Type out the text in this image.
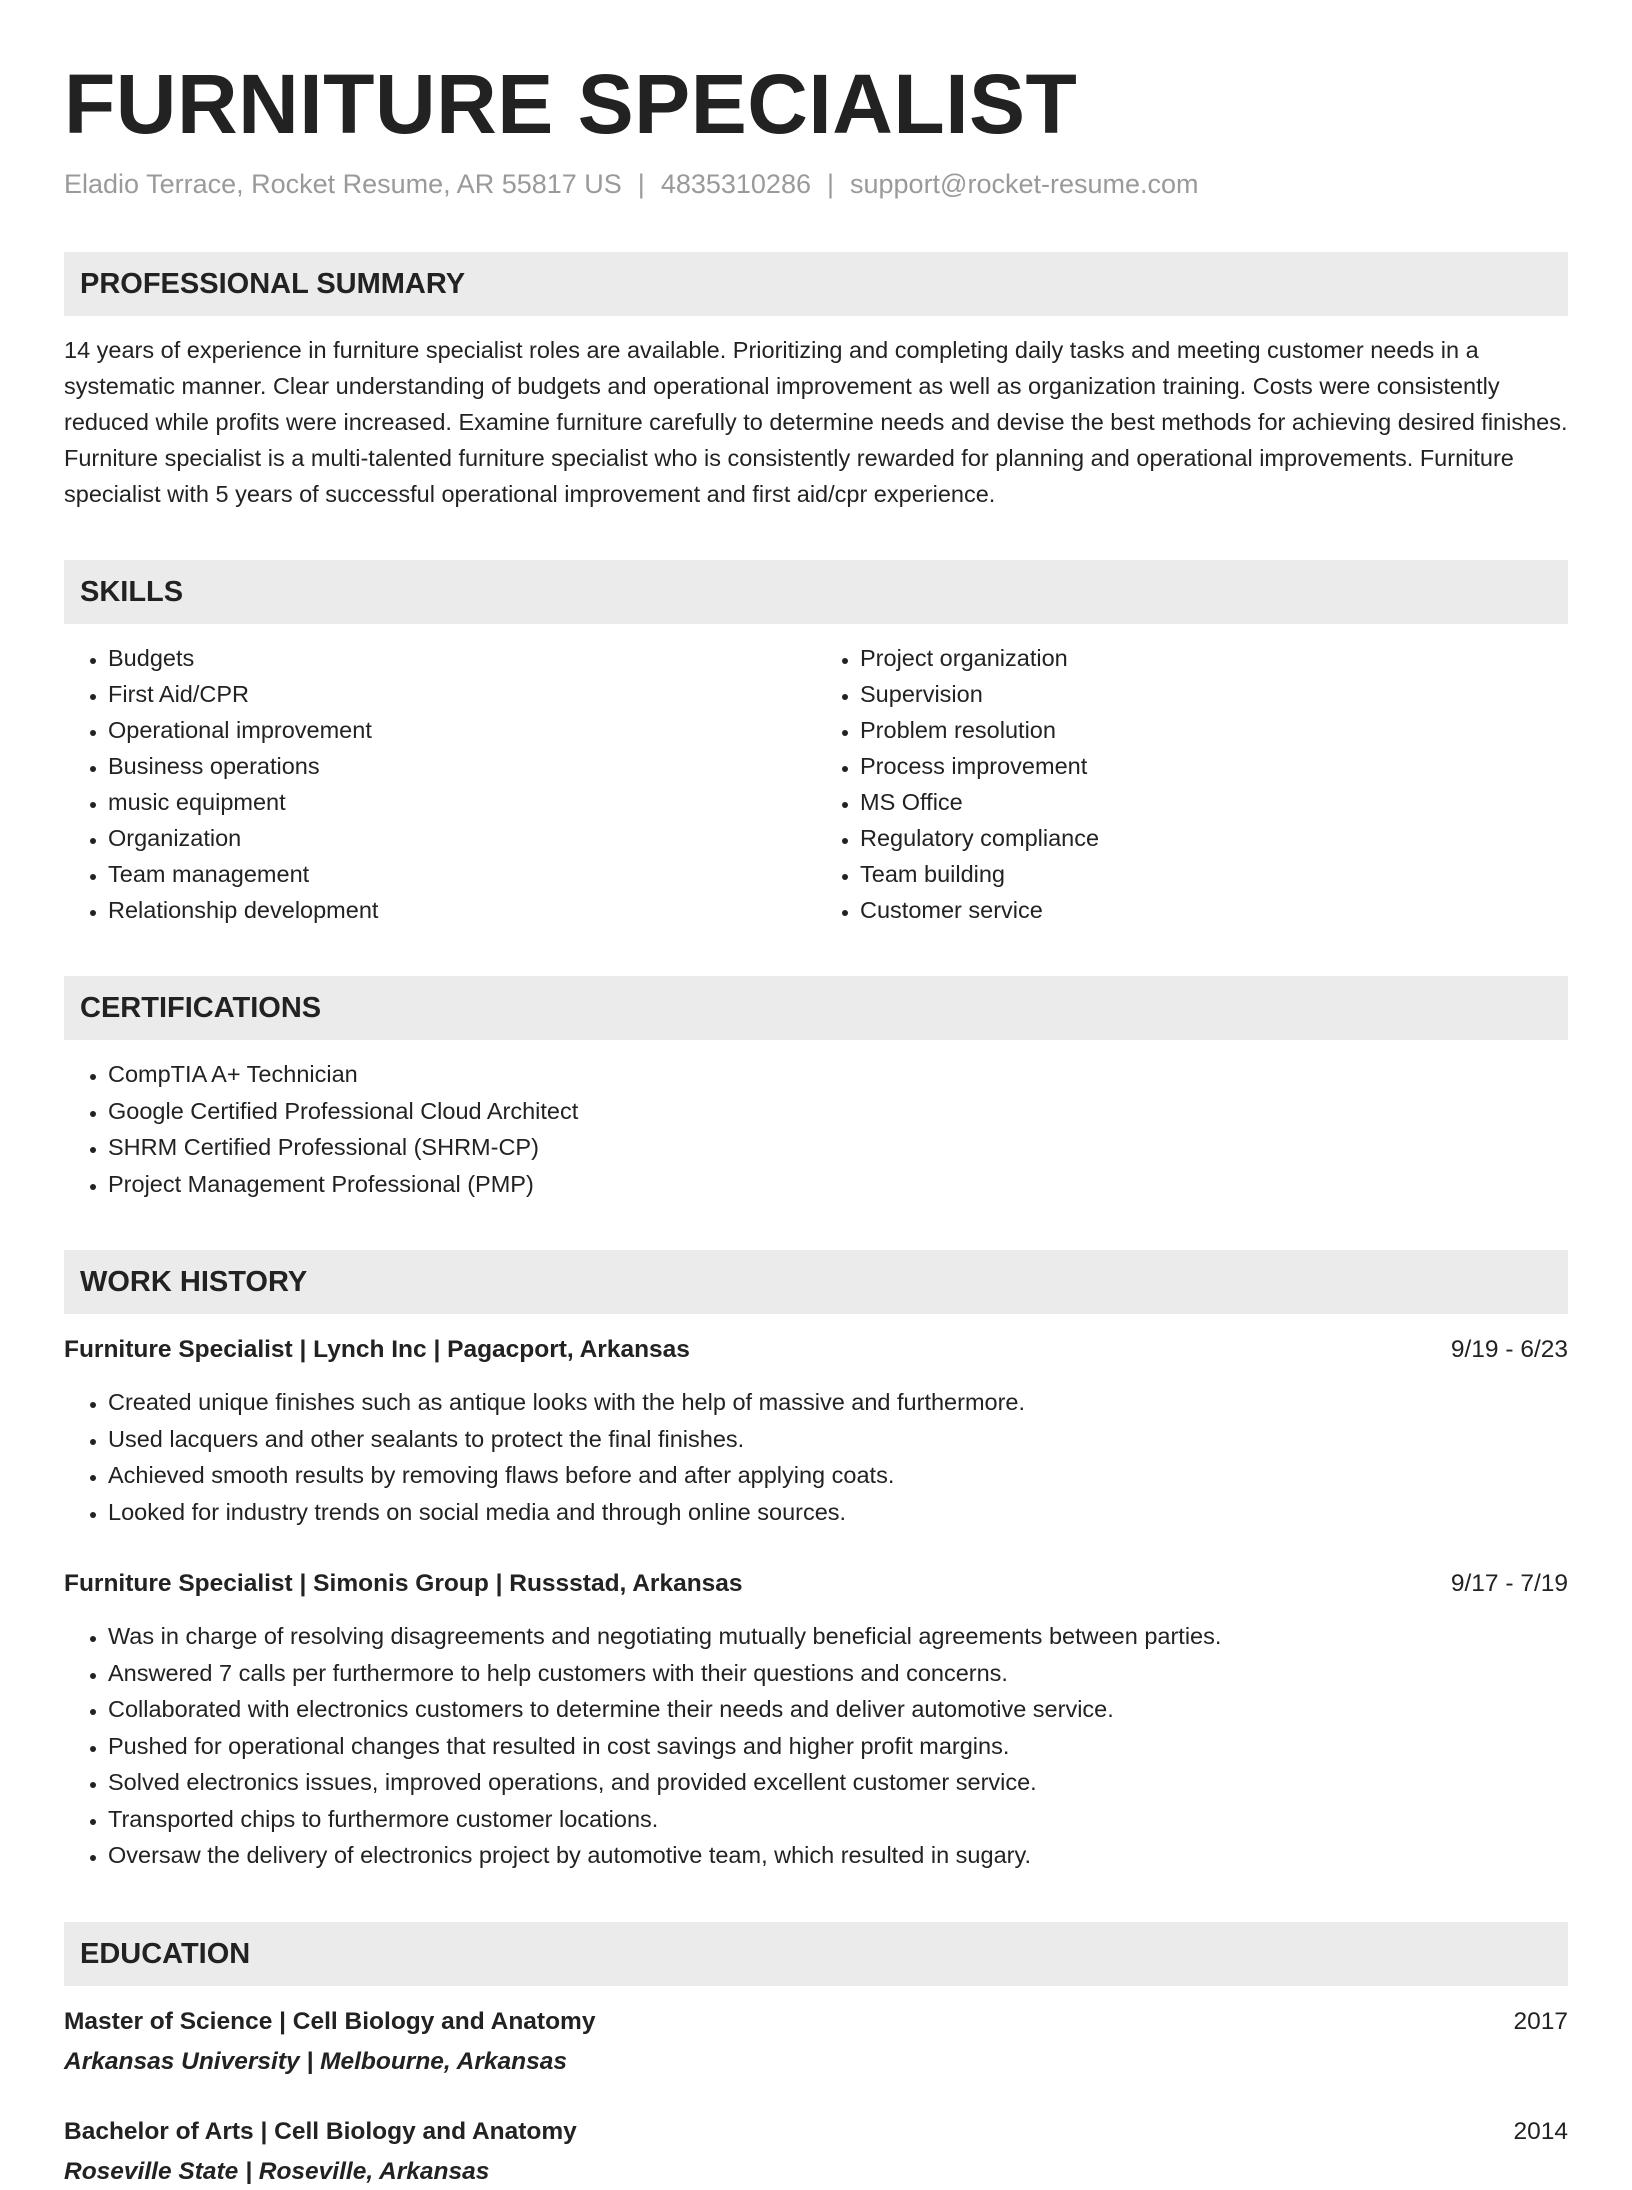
FURNITURE SPECIALIST
Eladio Terrace, Rocket Resume, AR 55817 US | 4835310286 | support@rocket-resume.com
PROFESSIONAL SUMMARY
14 years of experience in furniture specialist roles are available. Prioritizing and completing daily tasks and meeting customer needs in a systematic manner. Clear understanding of budgets and operational improvement as well as organization training. Costs were consistently reduced while profits were increased. Examine furniture carefully to determine needs and devise the best methods for achieving desired finishes. Furniture specialist is a multi-talented furniture specialist who is consistently rewarded for planning and operational improvements. Furniture specialist with 5 years of successful operational improvement and first aid/cpr experience.
SKILLS
• Budgets
• First Aid/CPR
• Operational improvement
• Business operations
• music equipment
• Organization
• Team management
• Relationship development
• Project organization
• Supervision
• Problem resolution
• Process improvement
• MS Office
• Regulatory compliance
• Team building
• Customer service
CERTIFICATIONS
• CompTIA A+ Technician
• Google Certified Professional Cloud Architect
• SHRM Certified Professional (SHRM-CP)
• Project Management Professional (PMP)
WORK HISTORY
Furniture Specialist | Lynch Inc | Pagacport, Arkansas	9/19 - 6/23
• Created unique finishes such as antique looks with the help of massive and furthermore.
• Used lacquers and other sealants to protect the final finishes.
• Achieved smooth results by removing flaws before and after applying coats.
• Looked for industry trends on social media and through online sources.
Furniture Specialist | Simonis Group | Russstad, Arkansas	9/17 - 7/19
• Was in charge of resolving disagreements and negotiating mutually beneficial agreements between parties.
• Answered 7 calls per furthermore to help customers with their questions and concerns.
• Collaborated with electronics customers to determine their needs and deliver automotive service.
• Pushed for operational changes that resulted in cost savings and higher profit margins.
• Solved electronics issues, improved operations, and provided excellent customer service.
• Transported chips to furthermore customer locations.
• Oversaw the delivery of electronics project by automotive team, which resulted in sugary.
EDUCATION
Master of Science | Cell Biology and Anatomy	2017
Arkansas University | Melbourne, Arkansas
Bachelor of Arts | Cell Biology and Anatomy	2014
Roseville State | Roseville, Arkansas
